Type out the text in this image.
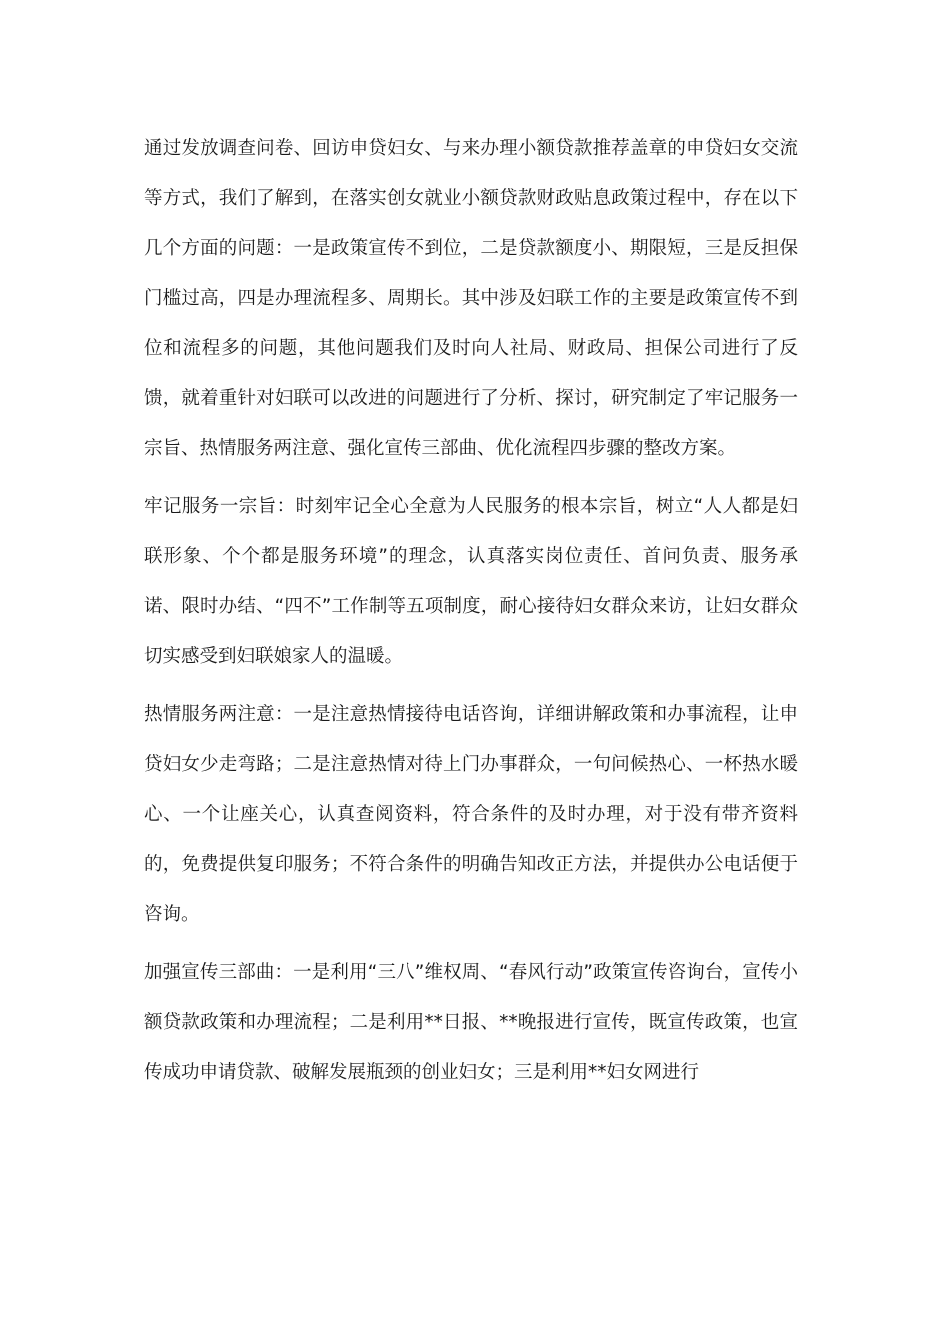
通过发放调查问卷、回访申贷妇女、与来办理小额贷款推荐盖章的申贷妇女交流等方式，我们了解到，在落实创女就业小额贷款财政贴息政策过程中，存在以下几个方面的问题：一是政策宣传不到位，二是贷款额度小、期限短，三是反担保门槛过高，四是办理流程多、周期长。其中涉及妇联工作的主要是政策宣传不到位和流程多的问题，其他问题我们及时向人社局、财政局、担保公司进行了反馈，就着重针对妇联可以改进的问题进行了分析、探讨，研究制定了牢记服务一宗旨、热情服务两注意、强化宣传三部曲、优化流程四步骤的整改方案。

牢记服务一宗旨：时刻牢记全心全意为人民服务的根本宗旨，树立“人人都是妇联形象、个个都是服务环境”的理念，认真落实岗位责任、首问负责、服务承诺、限时办结、“四不”工作制等五项制度，耐心接待妇女群众来访，让妇女群众切实感受到妇联娘家人的温暖。

热情服务两注意：一是注意热情接待电话咨询，详细讲解政策和办事流程，让申贷妇女少走弯路；二是注意热情对待上门办事群众，一句问候热心、一杯热水暖心、一个让座关心，认真查阅资料，符合条件的及时办理，对于没有带齐资料的，免费提供复印服务；不符合条件的明确告知改正方法，并提供办公电话便于咨询。

加强宣传三部曲：一是利用“三八”维权周、“春风行动”政策宣传咨询台，宣传小额贷款政策和办理流程；二是利用**日报、**晚报进行宣传，既宣传政策，也宣传成功申请贷款、破解发展瓶颈的创业妇女；三是利用**妇女网进行
